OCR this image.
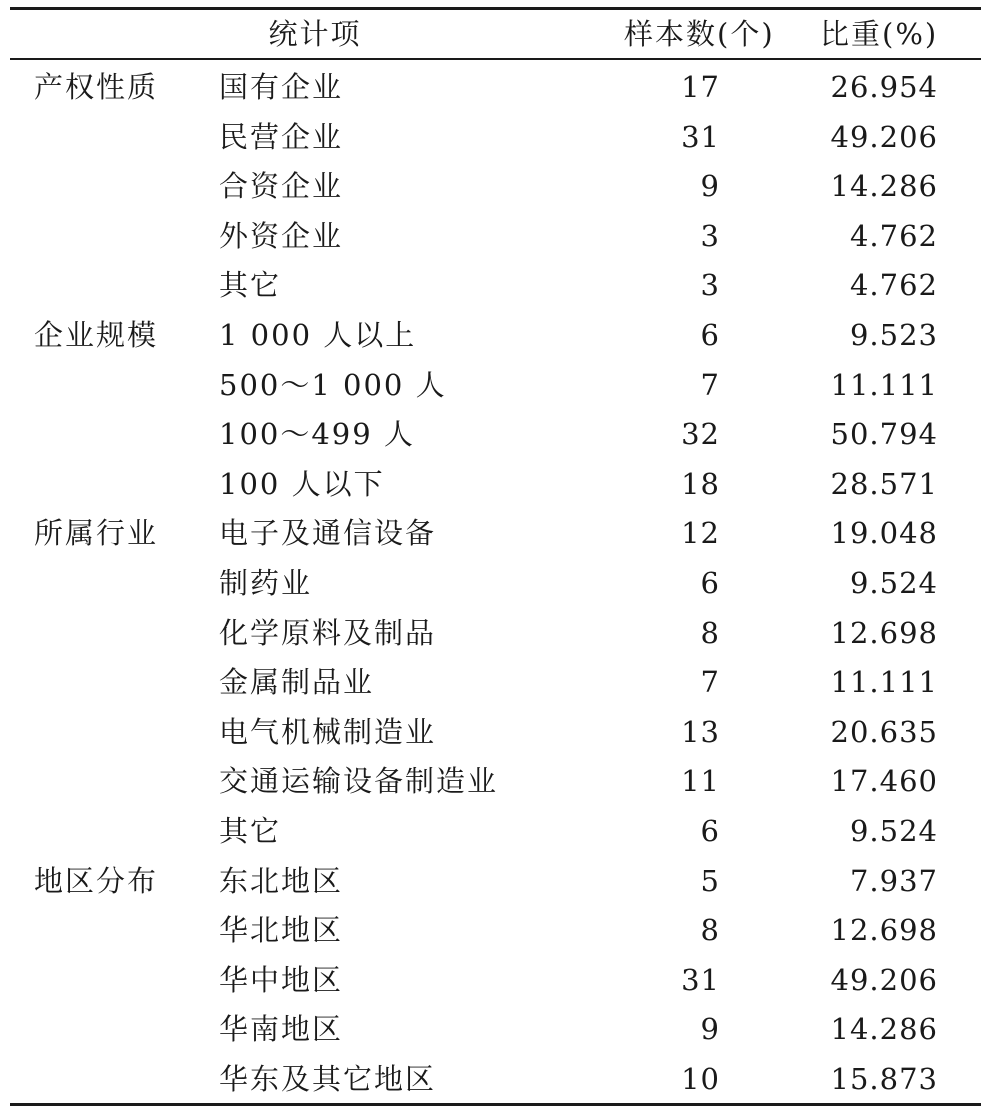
统计项	样本数(个)	比重(%)
产权性质 国有企业	17	26.954
民营企业	31	49.206
合资企业	9	14.286
外资企业	3	4.762
其它	3	4.762
企业规模 1 000 人以上	6	9.523
500～1 000 人	7	11.111
100～499 人	32	50.794
100 人以下	18	28.571
所属行业 电子及通信设备	12	19.048
制药业	6	9.524
化学原料及制品	8	12.698
金属制品业	7	11.111
电气机械制造业	13	20.635
交通运输设备制造业	11	17.460
其它	6	9.524
地区分布 东北地区	5	7.937
华北地区	8	12.698
华中地区	31	49.206
华南地区	9	14.286
华东及其它地区	10	15.873
